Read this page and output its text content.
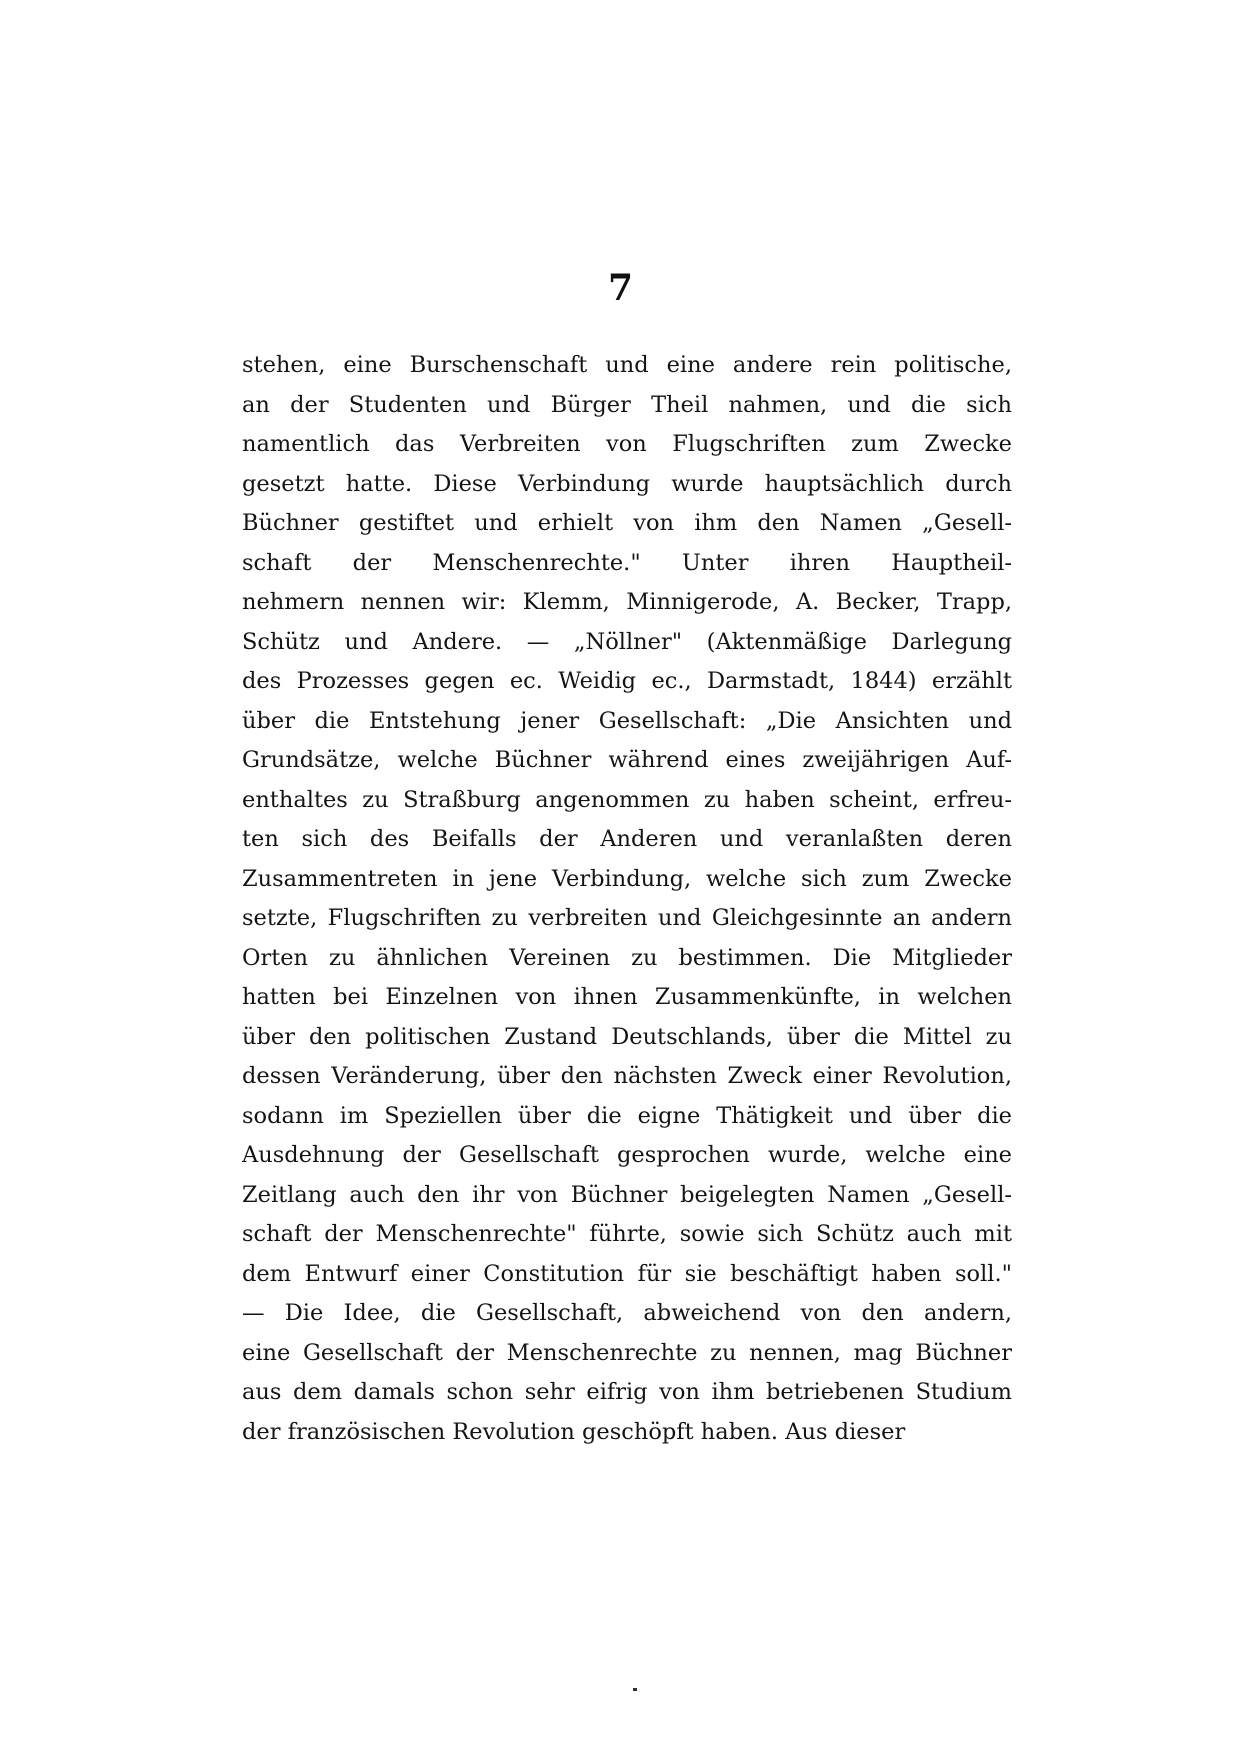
7
stehen, eine Burschenschaft und eine andere rein politische,
an der Studenten und Bürger Theil nahmen, und die sich
namentlich das Verbreiten von Flugschriften zum Zwecke
gesetzt hatte. Diese Verbindung wurde hauptsächlich durch
Büchner gestiftet und erhielt von ihm den Namen „Gesell-
schaft der Menschenrechte." Unter ihren Hauptheil-
nehmern nennen wir: Klemm, Minnigerode, A. Becker, Trapp,
Schütz und Andere. — „Nöllner" (Aktenmäßige Darlegung
des Prozesses gegen ec. Weidig ec., Darmstadt, 1844) erzählt
über die Entstehung jener Gesellschaft: „Die Ansichten und
Grundsätze, welche Büchner während eines zweijährigen Auf-
enthaltes zu Straßburg angenommen zu haben scheint, erfreu-
ten sich des Beifalls der Anderen und veranlaßten deren
Zusammentreten in jene Verbindung, welche sich zum Zwecke
setzte, Flugschriften zu verbreiten und Gleichgesinnte an andern
Orten zu ähnlichen Vereinen zu bestimmen. Die Mitglieder
hatten bei Einzelnen von ihnen Zusammenkünfte, in welchen
über den politischen Zustand Deutschlands, über die Mittel zu
dessen Veränderung, über den nächsten Zweck einer Revolution,
sodann im Speziellen über die eigne Thätigkeit und über die
Ausdehnung der Gesellschaft gesprochen wurde, welche eine
Zeitlang auch den ihr von Büchner beigelegten Namen „Gesell-
schaft der Menschenrechte" führte, sowie sich Schütz auch mit
dem Entwurf einer Constitution für sie beschäftigt haben soll."
— Die Idee, die Gesellschaft, abweichend von den andern,
eine Gesellschaft der Menschenrechte zu nennen, mag Büchner
aus dem damals schon sehr eifrig von ihm betriebenen Studium
der französischen Revolution geschöpft haben. Aus dieser
